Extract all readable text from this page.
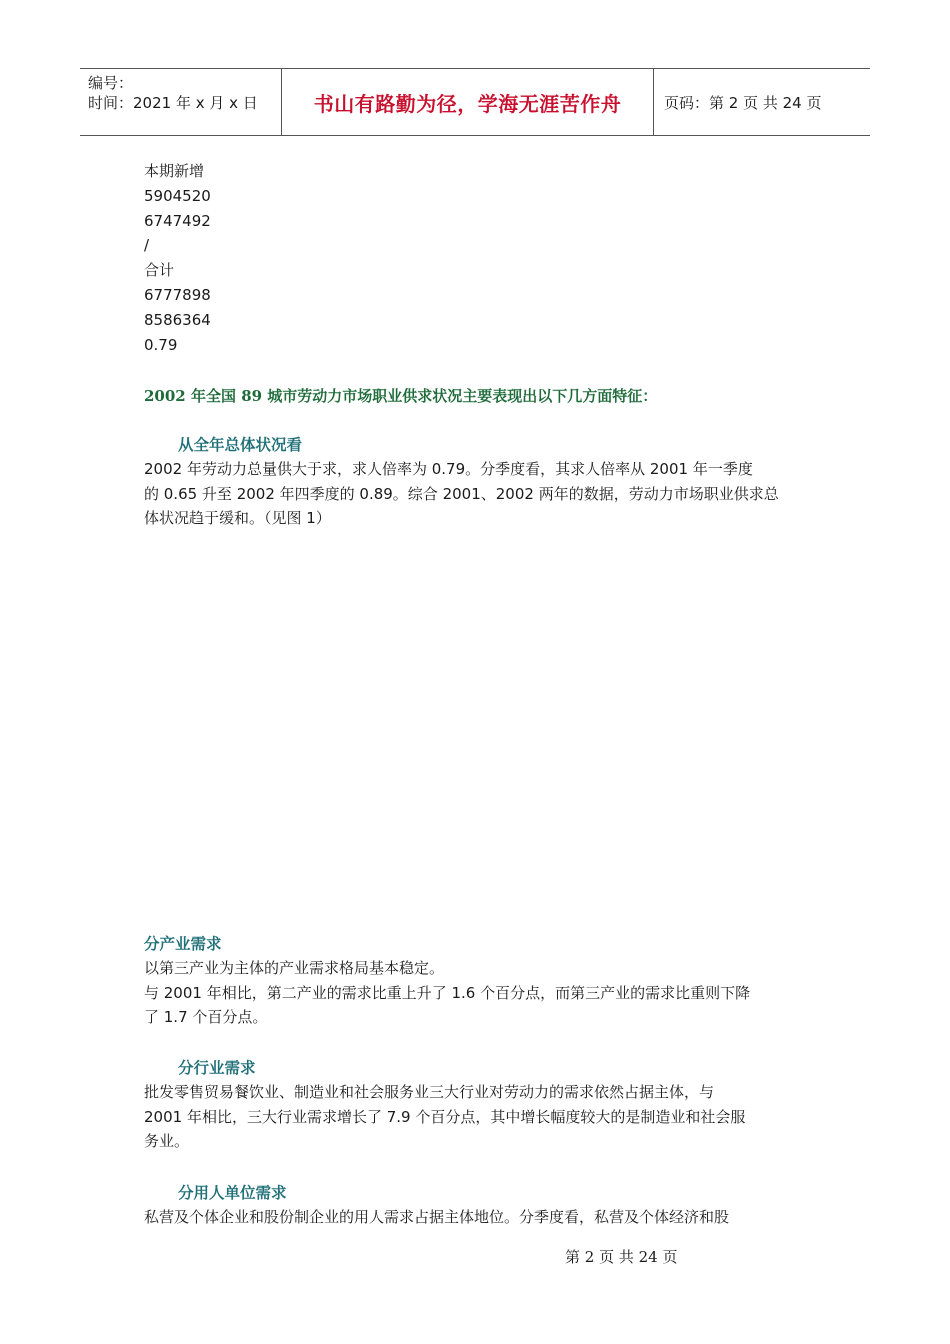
编号：
时间：2021 年 x 月 x 日	书山有路勤为径，学海无涯苦作舟	页码：第 2 页 共 24 页
本期新增
5904520
6747492
/
合计
6777898
8586364
0.79
2002 年全国 89 城市劳动力市场职业供求状况主要表现出以下几方面特征：
从全年总体状况看
2002 年劳动力总量供大于求，求人倍率为 0.79。分季度看，其求人倍率从 2001 年一季度
的 0.65 升至 2002 年四季度的 0.89。综合 2001、2002 两年的数据，劳动力市场职业供求总
体状况趋于缓和。（见图 1）
分产业需求
以第三产业为主体的产业需求格局基本稳定。
与 2001 年相比，第二产业的需求比重上升了 1.6 个百分点，而第三产业的需求比重则下降
了 1.7 个百分点。
分行业需求
批发零售贸易餐饮业、制造业和社会服务业三大行业对劳动力的需求依然占据主体，与
2001 年相比，三大行业需求增长了 7.9 个百分点，其中增长幅度较大的是制造业和社会服
务业。
分用人单位需求
私营及个体企业和股份制企业的用人需求占据主体地位。分季度看，私营及个体经济和股
第 2 页 共 24 页
